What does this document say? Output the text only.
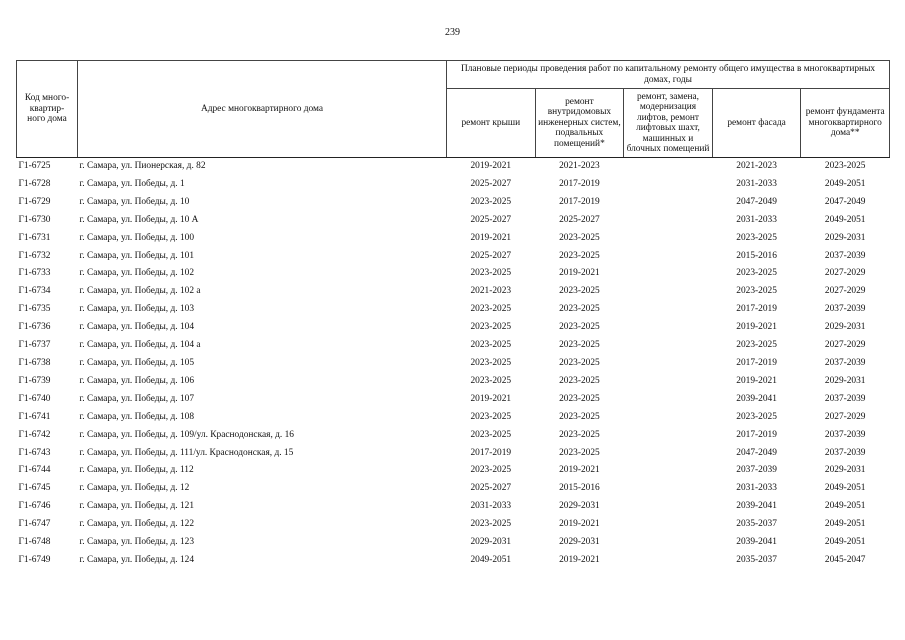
239
Код много-
квартир-
ного дома	Адрес многоквартирного дома	Плановые периоды проведения работ по капитальному ремонту общего имущества в многоквартирных домах, годы				

		ремонт крыши	ремонт внутридомовых инженерных систем, подвальных помещений*	ремонт, замена, модернизация лифтов, ремонт лифтовых шахт, машинных и блочных помещений	ремонт фасада	ремонт фундамента многоквартирного дома**

Г1-6725	г. Самара, ул. Пионерская, д. 82	2019-2021	2021-2023		2021-2023	2023-2025
Г1-6728	г. Самара, ул. Победы, д. 1	2025-2027	2017-2019		2031-2033	2049-2051
Г1-6729	г. Самара, ул. Победы, д. 10	2023-2025	2017-2019		2047-2049	2047-2049
Г1-6730	г. Самара, ул. Победы, д. 10 А	2025-2027	2025-2027		2031-2033	2049-2051
Г1-6731	г. Самара, ул. Победы, д. 100	2019-2021	2023-2025		2023-2025	2029-2031
Г1-6732	г. Самара, ул. Победы, д. 101	2025-2027	2023-2025		2015-2016	2037-2039
Г1-6733	г. Самара, ул. Победы, д. 102	2023-2025	2019-2021		2023-2025	2027-2029
Г1-6734	г. Самара, ул. Победы, д. 102 а	2021-2023	2023-2025		2023-2025	2027-2029
Г1-6735	г. Самара, ул. Победы, д. 103	2023-2025	2023-2025		2017-2019	2037-2039
Г1-6736	г. Самара, ул. Победы, д. 104	2023-2025	2023-2025		2019-2021	2029-2031
Г1-6737	г. Самара, ул. Победы, д. 104 а	2023-2025	2023-2025		2023-2025	2027-2029
Г1-6738	г. Самара, ул. Победы, д. 105	2023-2025	2023-2025		2017-2019	2037-2039
Г1-6739	г. Самара, ул. Победы, д. 106	2023-2025	2023-2025		2019-2021	2029-2031
Г1-6740	г. Самара, ул. Победы, д. 107	2019-2021	2023-2025		2039-2041	2037-2039
Г1-6741	г. Самара, ул. Победы, д. 108	2023-2025	2023-2025		2023-2025	2027-2029
Г1-6742	г. Самара, ул. Победы, д. 109/ул. Краснодонская, д. 16	2023-2025	2023-2025		2017-2019	2037-2039
Г1-6743	г. Самара, ул. Победы, д. 111/ул. Краснодонская, д. 15	2017-2019	2023-2025		2047-2049	2037-2039
Г1-6744	г. Самара, ул. Победы, д. 112	2023-2025	2019-2021		2037-2039	2029-2031
Г1-6745	г. Самара, ул. Победы, д. 12	2025-2027	2015-2016		2031-2033	2049-2051
Г1-6746	г. Самара, ул. Победы, д. 121	2031-2033	2029-2031		2039-2041	2049-2051
Г1-6747	г. Самара, ул. Победы, д. 122	2023-2025	2019-2021		2035-2037	2049-2051
Г1-6748	г. Самара, ул. Победы, д. 123	2029-2031	2029-2031		2039-2041	2049-2051
Г1-6749	г. Самара, ул. Победы, д. 124	2049-2051	2019-2021		2035-2037	2045-2047
